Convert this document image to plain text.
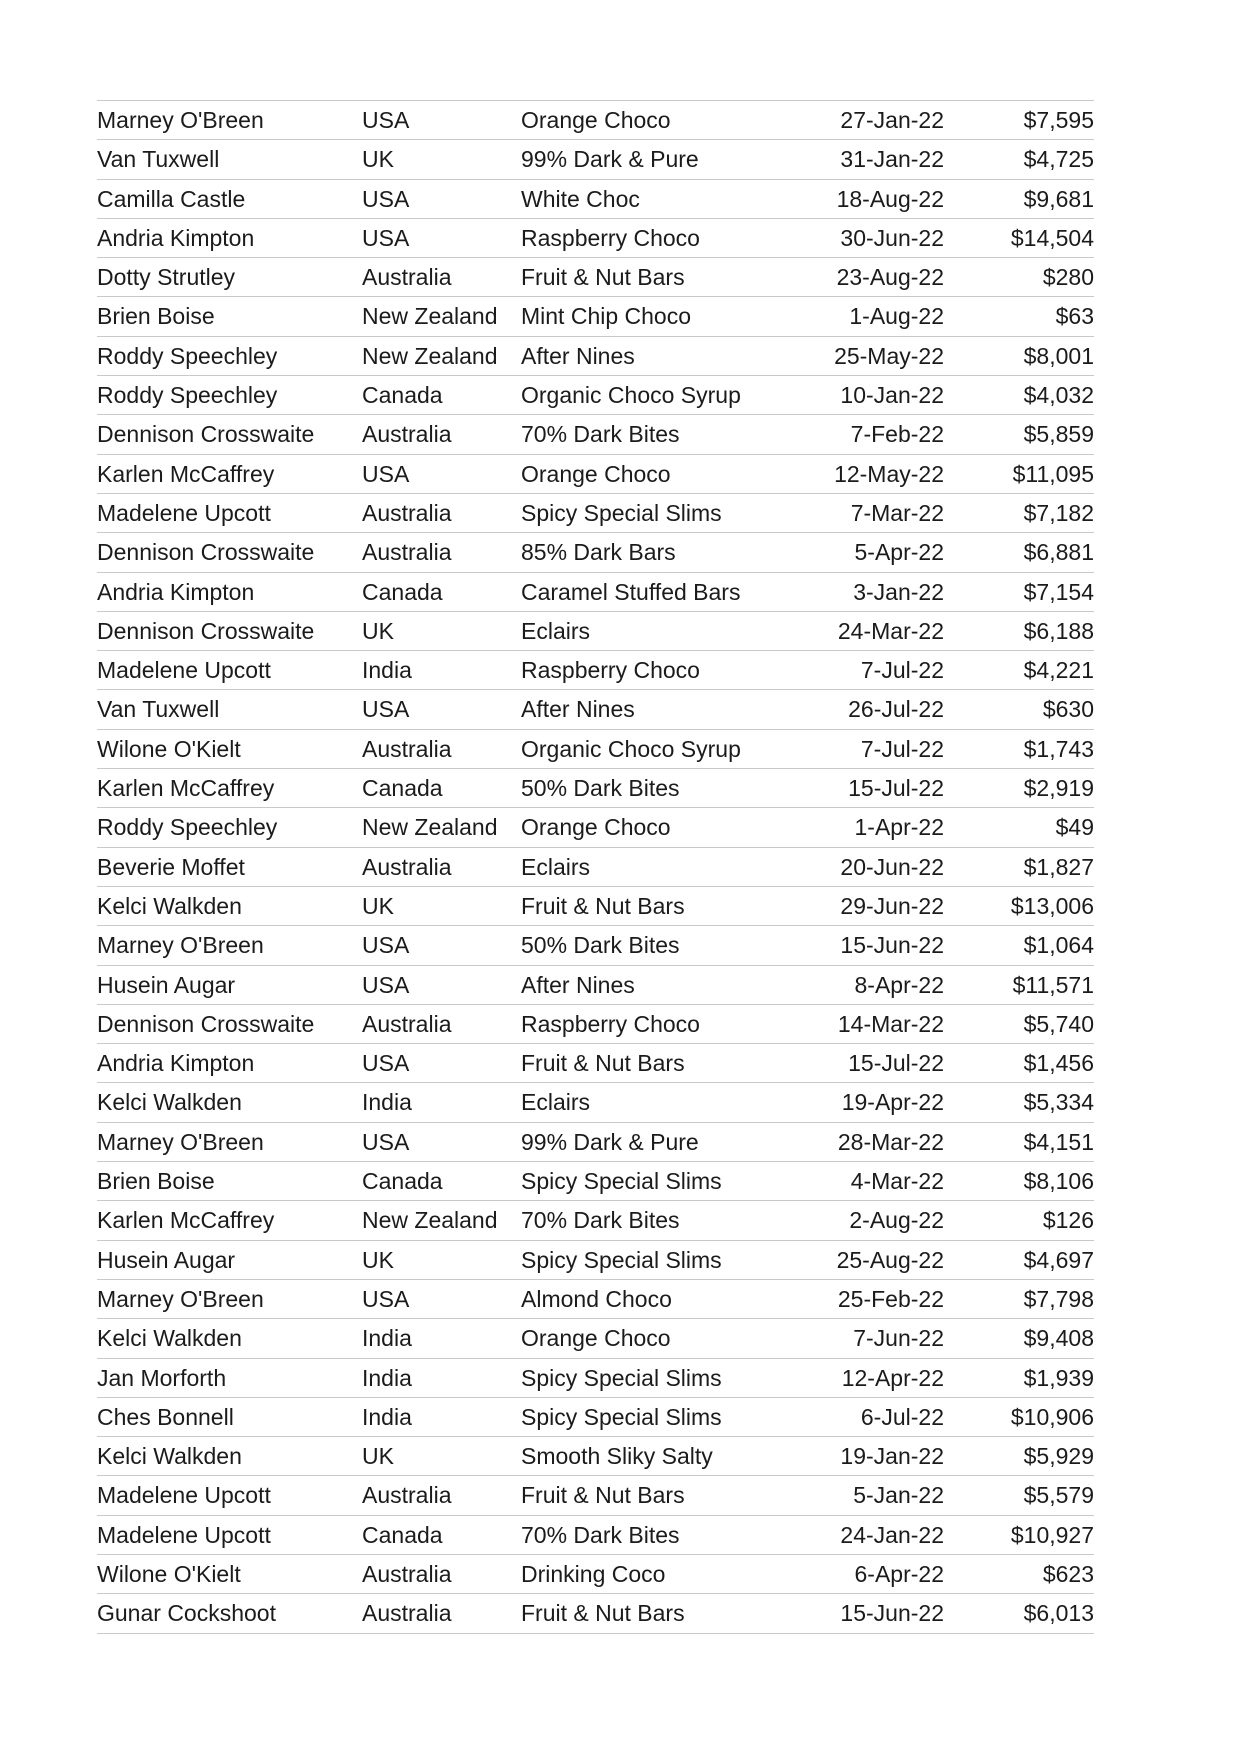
Marney O'Breen	USA	Orange Choco	27-Jan-22	$7,595
Van Tuxwell	UK	99% Dark & Pure	31-Jan-22	$4,725
Camilla Castle	USA	White Choc	18-Aug-22	$9,681
Andria Kimpton	USA	Raspberry Choco	30-Jun-22	$14,504
Dotty Strutley	Australia	Fruit & Nut Bars	23-Aug-22	$280
Brien Boise	New Zealand	Mint Chip Choco	1-Aug-22	$63
Roddy Speechley	New Zealand	After Nines	25-May-22	$8,001
Roddy Speechley	Canada	Organic Choco Syrup	10-Jan-22	$4,032
Dennison Crosswaite	Australia	70% Dark Bites	7-Feb-22	$5,859
Karlen McCaffrey	USA	Orange Choco	12-May-22	$11,095
Madelene Upcott	Australia	Spicy Special Slims	7-Mar-22	$7,182
Dennison Crosswaite	Australia	85% Dark Bars	5-Apr-22	$6,881
Andria Kimpton	Canada	Caramel Stuffed Bars	3-Jan-22	$7,154
Dennison Crosswaite	UK	Eclairs	24-Mar-22	$6,188
Madelene Upcott	India	Raspberry Choco	7-Jul-22	$4,221
Van Tuxwell	USA	After Nines	26-Jul-22	$630
Wilone O'Kielt	Australia	Organic Choco Syrup	7-Jul-22	$1,743
Karlen McCaffrey	Canada	50% Dark Bites	15-Jul-22	$2,919
Roddy Speechley	New Zealand	Orange Choco	1-Apr-22	$49
Beverie Moffet	Australia	Eclairs	20-Jun-22	$1,827
Kelci Walkden	UK	Fruit & Nut Bars	29-Jun-22	$13,006
Marney O'Breen	USA	50% Dark Bites	15-Jun-22	$1,064
Husein Augar	USA	After Nines	8-Apr-22	$11,571
Dennison Crosswaite	Australia	Raspberry Choco	14-Mar-22	$5,740
Andria Kimpton	USA	Fruit & Nut Bars	15-Jul-22	$1,456
Kelci Walkden	India	Eclairs	19-Apr-22	$5,334
Marney O'Breen	USA	99% Dark & Pure	28-Mar-22	$4,151
Brien Boise	Canada	Spicy Special Slims	4-Mar-22	$8,106
Karlen McCaffrey	New Zealand	70% Dark Bites	2-Aug-22	$126
Husein Augar	UK	Spicy Special Slims	25-Aug-22	$4,697
Marney O'Breen	USA	Almond Choco	25-Feb-22	$7,798
Kelci Walkden	India	Orange Choco	7-Jun-22	$9,408
Jan Morforth	India	Spicy Special Slims	12-Apr-22	$1,939
Ches Bonnell	India	Spicy Special Slims	6-Jul-22	$10,906
Kelci Walkden	UK	Smooth Sliky Salty	19-Jan-22	$5,929
Madelene Upcott	Australia	Fruit & Nut Bars	5-Jan-22	$5,579
Madelene Upcott	Canada	70% Dark Bites	24-Jan-22	$10,927
Wilone O'Kielt	Australia	Drinking Coco	6-Apr-22	$623
Gunar Cockshoot	Australia	Fruit & Nut Bars	15-Jun-22	$6,013
